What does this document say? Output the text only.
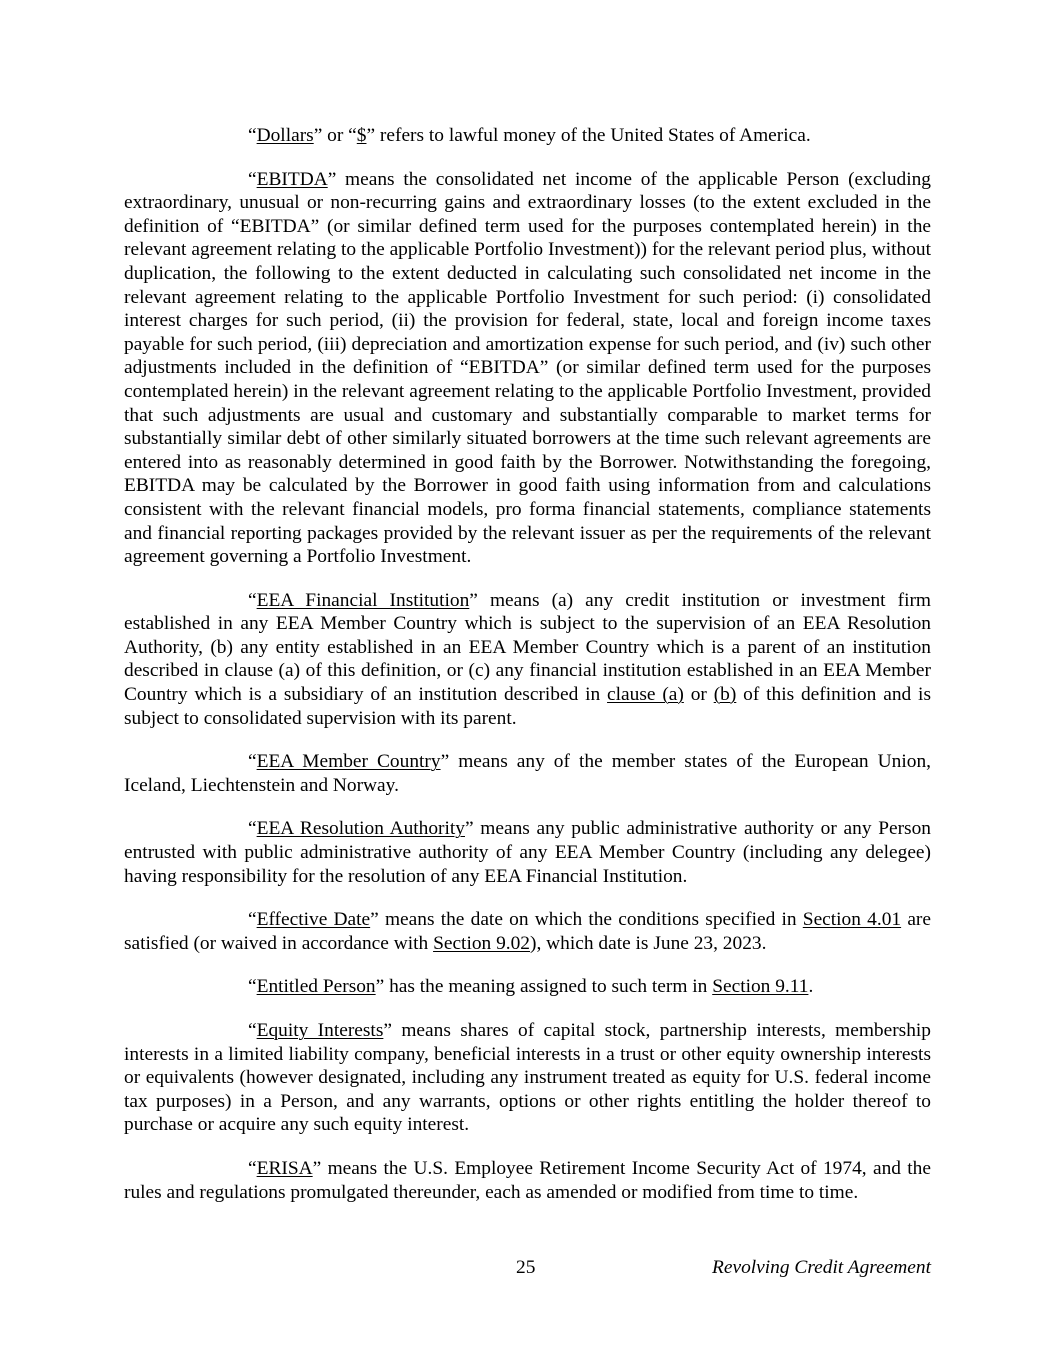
“Dollars” or “$” refers to lawful money of the United States of America.

“EBITDA” means the consolidated net income of the applicable Person (excluding extraordinary, unusual or non-recurring gains and extraordinary losses (to the extent excluded in the definition of “EBITDA” (or similar defined term used for the purposes contemplated herein) in the relevant agreement relating to the applicable Portfolio Investment)) for the relevant period plus, without duplication, the following to the extent deducted in calculating such consolidated net income in the relevant agreement relating to the applicable Portfolio Investment for such period: (i) consolidated interest charges for such period, (ii) the provision for federal, state, local and foreign income taxes payable for such period, (iii) depreciation and amortization expense for such period, and (iv) such other adjustments included in the definition of “EBITDA” (or similar defined term used for the purposes contemplated herein) in the relevant agreement relating to the applicable Portfolio Investment, provided that such adjustments are usual and customary and substantially comparable to market terms for substantially similar debt of other similarly situated borrowers at the time such relevant agreements are entered into as reasonably determined in good faith by the Borrower. Notwithstanding the foregoing, EBITDA may be calculated by the Borrower in good faith using information from and calculations consistent with the relevant financial models, pro forma financial statements, compliance statements and financial reporting packages provided by the relevant issuer as per the requirements of the relevant agreement governing a Portfolio Investment.

“EEA Financial Institution” means (a) any credit institution or investment firm established in any EEA Member Country which is subject to the supervision of an EEA Resolution Authority, (b) any entity established in an EEA Member Country which is a parent of an institution described in clause (a) of this definition, or (c) any financial institution established in an EEA Member Country which is a subsidiary of an institution described in clause (a) or (b) of this definition and is subject to consolidated supervision with its parent.

“EEA Member Country” means any of the member states of the European Union, Iceland, Liechtenstein and Norway.

“EEA Resolution Authority” means any public administrative authority or any Person entrusted with public administrative authority of any EEA Member Country (including any delegee) having responsibility for the resolution of any EEA Financial Institution.

“Effective Date” means the date on which the conditions specified in Section 4.01 are satisfied (or waived in accordance with Section 9.02), which date is June 23, 2023.

“Entitled Person” has the meaning assigned to such term in Section 9.11.

“Equity Interests” means shares of capital stock, partnership interests, membership interests in a limited liability company, beneficial interests in a trust or other equity ownership interests or equivalents (however designated, including any instrument treated as equity for U.S. federal income tax purposes) in a Person, and any warrants, options or other rights entitling the holder thereof to purchase or acquire any such equity interest.

“ERISA” means the U.S. Employee Retirement Income Security Act of 1974, and the rules and regulations promulgated thereunder, each as amended or modified from time to time.

25	Revolving Credit Agreement
